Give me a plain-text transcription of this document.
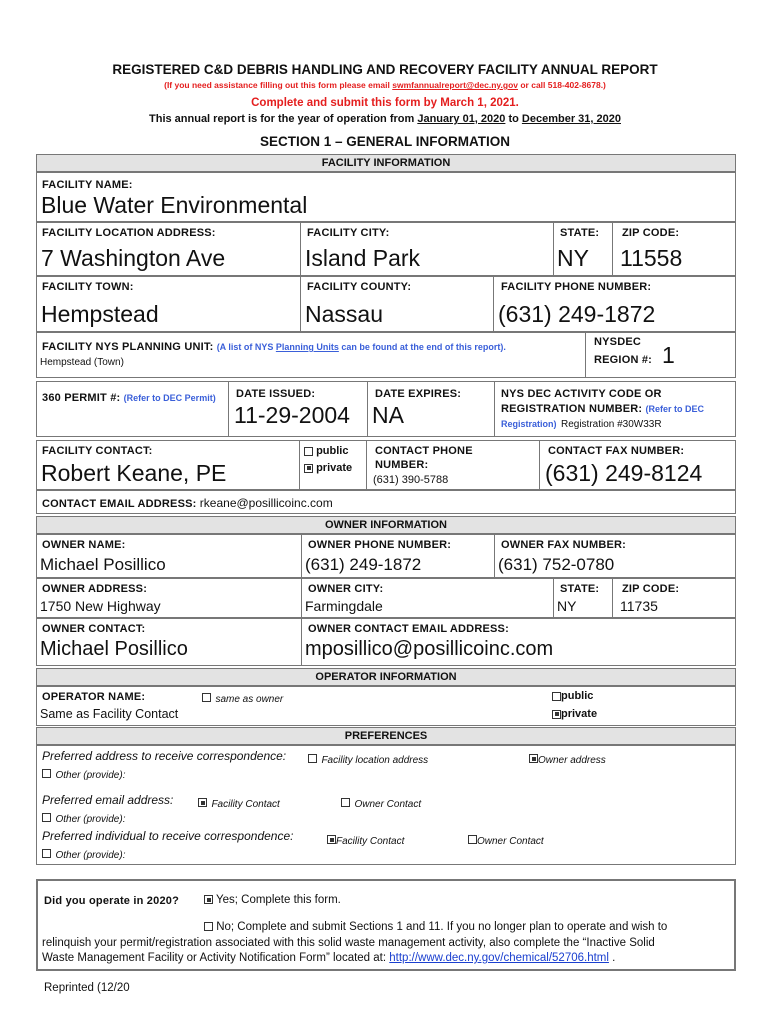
REGISTERED C&D DEBRIS HANDLING AND RECOVERY FACILITY ANNUAL REPORT
(If you need assistance filling out this form please email swmfannualreport@dec.ny.gov or call 518-402-8678.)
Complete and submit this form by March 1, 2021.
This annual report is for the year of operation from January 01, 2020 to December 31, 2020
SECTION 1 – GENERAL INFORMATION
FACILITY INFORMATION
FACILITY NAME:
Blue Water Environmental
FACILITY LOCATION ADDRESS:
7 Washington Ave
FACILITY CITY:
Island Park
STATE:
NY
ZIP CODE:
11558
FACILITY TOWN:
Hempstead
FACILITY COUNTY:
Nassau
FACILITY PHONE NUMBER:
(631) 249-1872
FACILITY NYS PLANNING UNIT: (A list of NYS Planning Units can be found at the end of this report).
Hempstead (Town)
NYSDEC
REGION #: 1
360 PERMIT #: (Refer to DEC Permit)	DATE ISSUED:
11-29-2004
DATE EXPIRES:
NA
NYS DEC ACTIVITY CODE OR REGISTRATION NUMBER: (Refer to DEC Registration) Registration #30W33R
FACILITY CONTACT:
Robert Keane, PE
public
private
CONTACT PHONE NUMBER:
(631) 390-5788
CONTACT FAX NUMBER:
(631) 249-8124
CONTACT EMAIL ADDRESS: rkeane@posillicoinc.com
OWNER INFORMATION
OWNER NAME:
Michael Posillico
OWNER PHONE NUMBER:
(631) 249-1872
OWNER FAX NUMBER:
(631) 752-0780
OWNER ADDRESS:
1750 New Highway
OWNER CITY:
Farmingdale
STATE:
NY
ZIP CODE:
11735
OWNER CONTACT:
Michael Posillico
OWNER CONTACT EMAIL ADDRESS:
mposillico@posillicoinc.com
OPERATOR INFORMATION
OPERATOR NAME:	same as owner
Same as Facility Contact
public
private
PREFERENCES
Preferred address to receive correspondence:	Facility location address	Owner address
Other (provide):
Preferred email address:	Facility Contact	Owner Contact
Other (provide):
Preferred individual to receive correspondence:	Facility Contact	Owner Contact
Other (provide):
Did you operate in 2020?	Yes; Complete this form.
No; Complete and submit Sections 1 and 11. If you no longer plan to operate and wish to
relinquish your permit/registration associated with this solid waste management activity, also complete the “Inactive Solid
Waste Management Facility or Activity Notification Form” located at: http://www.dec.ny.gov/chemical/52706.html .
Reprinted (12/20
